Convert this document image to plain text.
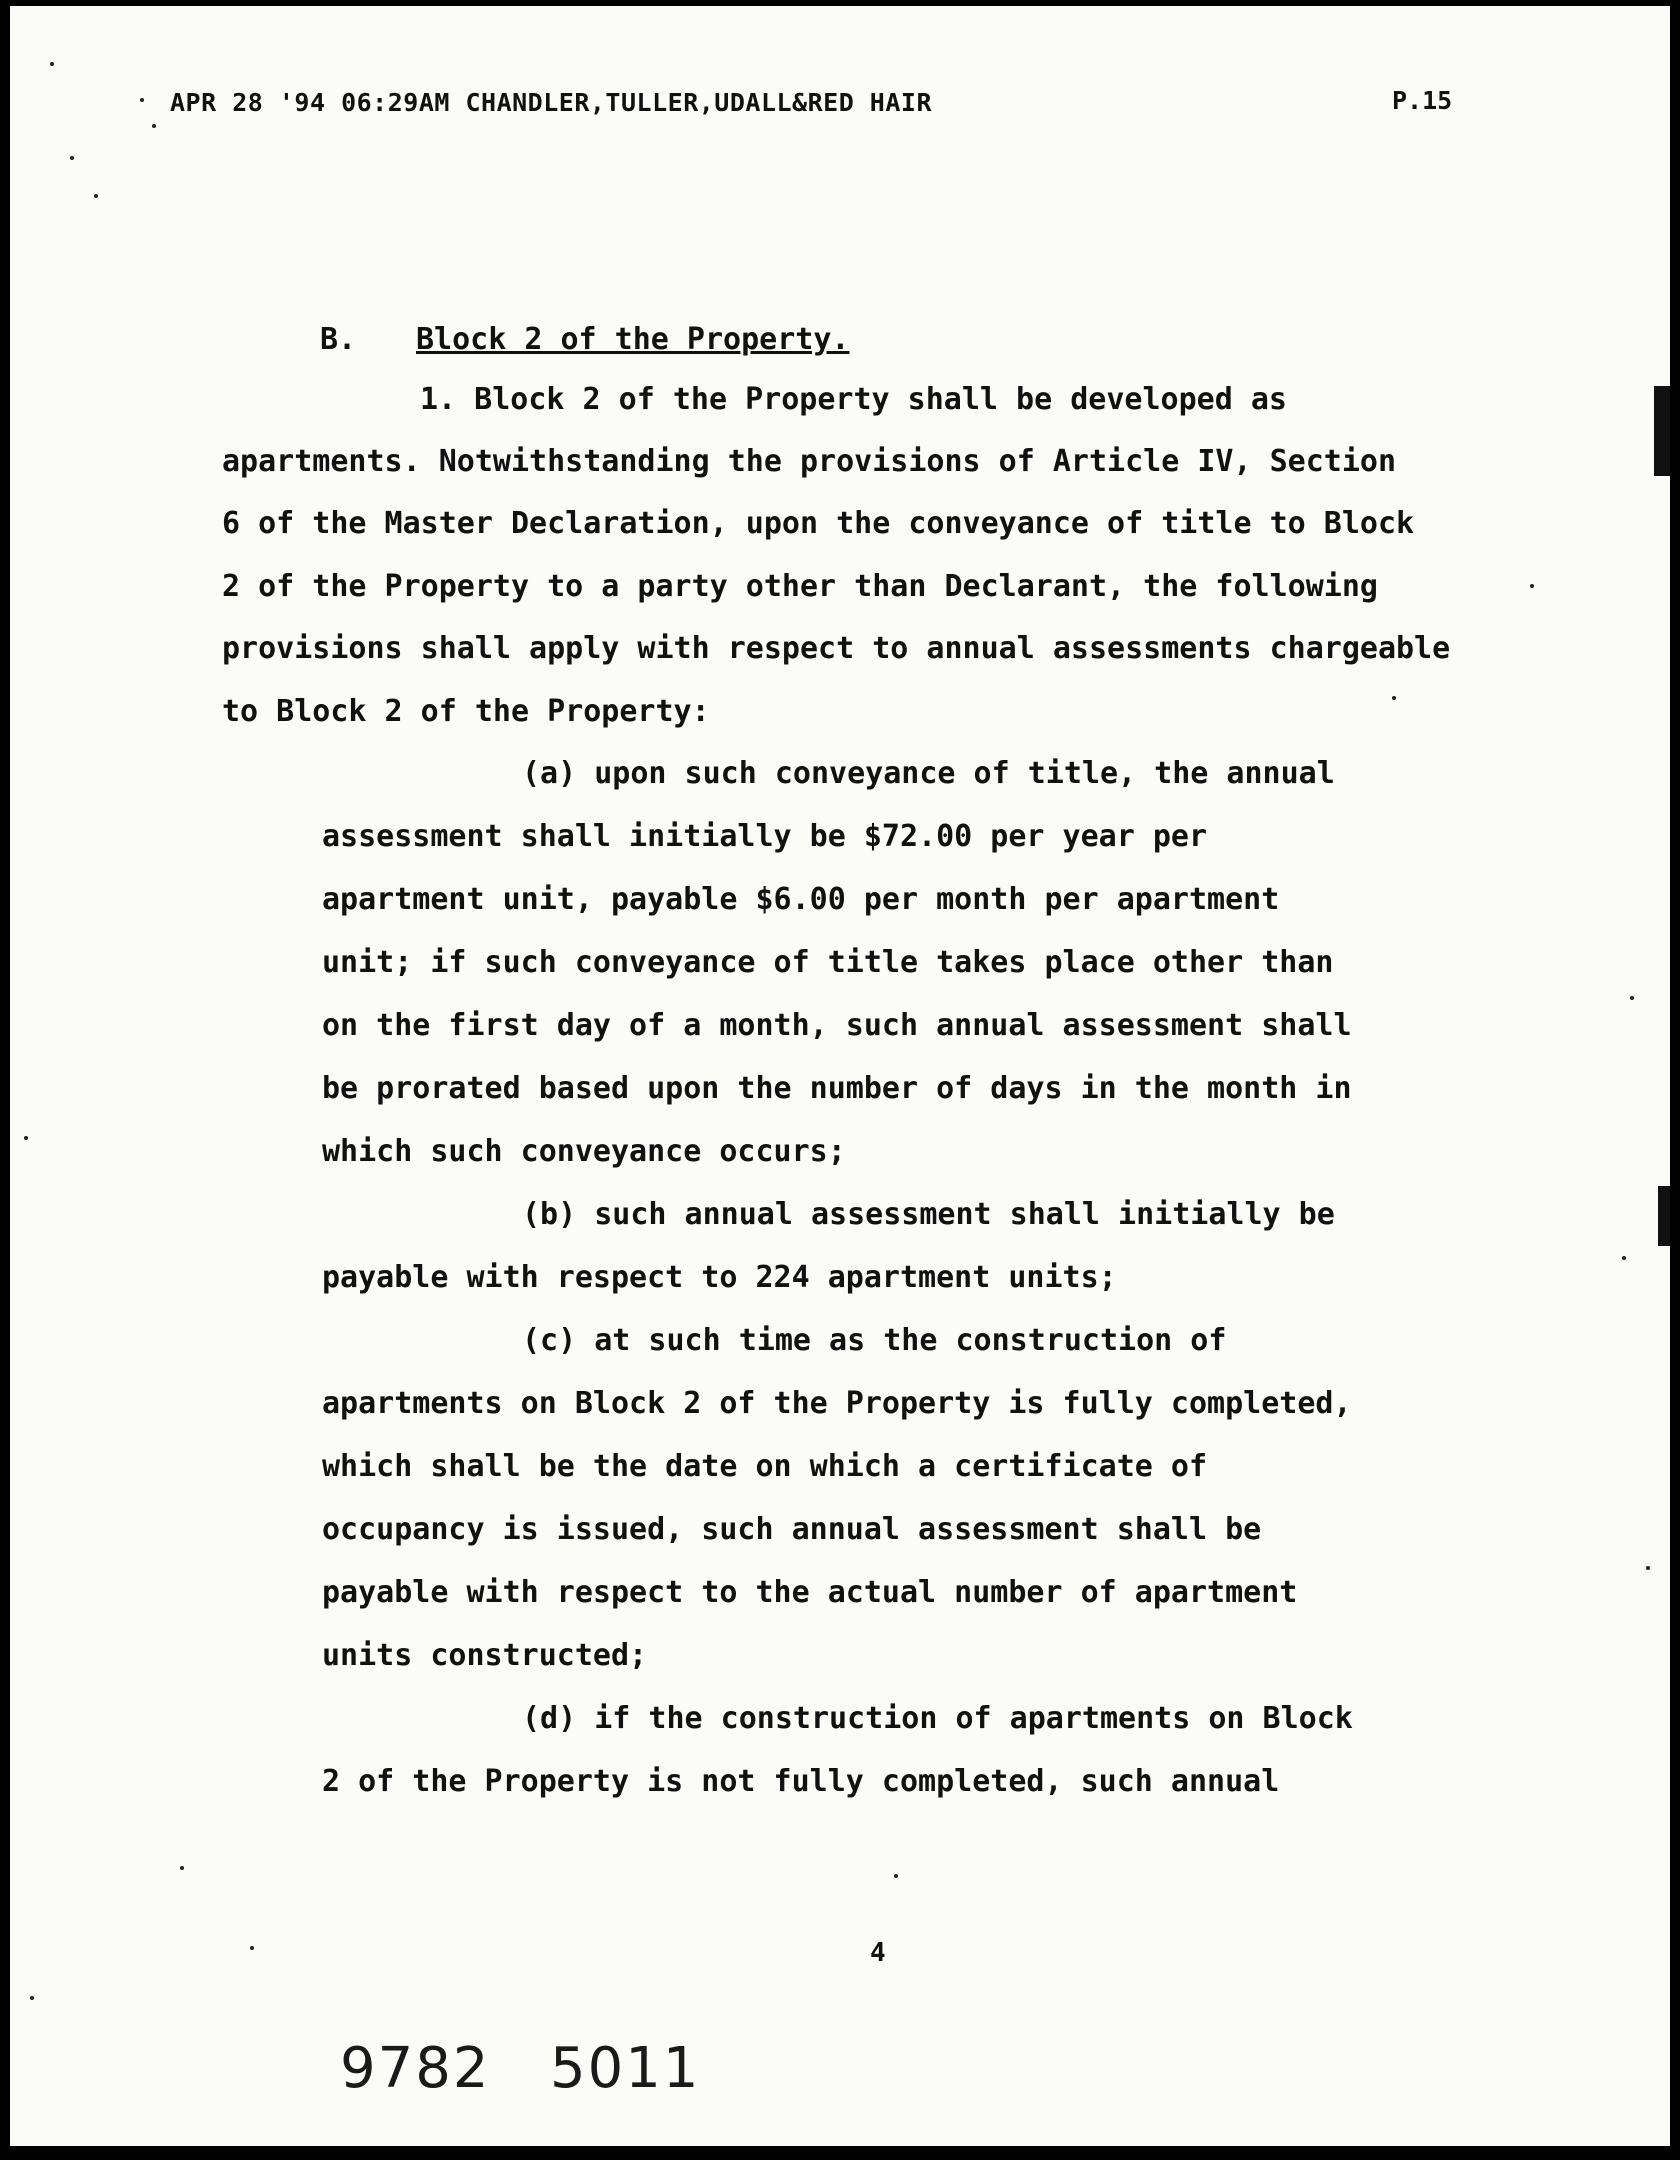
APR 28 '94 06:29AM CHANDLER,TULLER,UDALL&RED HAIR	P.15
B. Block 2 of the Property.
1. Block 2 of the Property shall be developed as
apartments. Notwithstanding the provisions of Article IV, Section
6 of the Master Declaration, upon the conveyance of title to Block
2 of the Property to a party other than Declarant, the following
provisions shall apply with respect to annual assessments chargeable
to Block 2 of the Property:
(a) upon such conveyance of title, the annual
assessment shall initially be $72.00 per year per
apartment unit, payable $6.00 per month per apartment
unit; if such conveyance of title takes place other than
on the first day of a month, such annual assessment shall
be prorated based upon the number of days in the month in
which such conveyance occurs;
(b) such annual assessment shall initially be
payable with respect to 224 apartment units;
(c) at such time as the construction of
apartments on Block 2 of the Property is fully completed,
which shall be the date on which a certificate of
occupancy is issued, such annual assessment shall be
payable with respect to the actual number of apartment
units constructed;
(d) if the construction of apartments on Block
2 of the Property is not fully completed, such annual
4
9782 5011
